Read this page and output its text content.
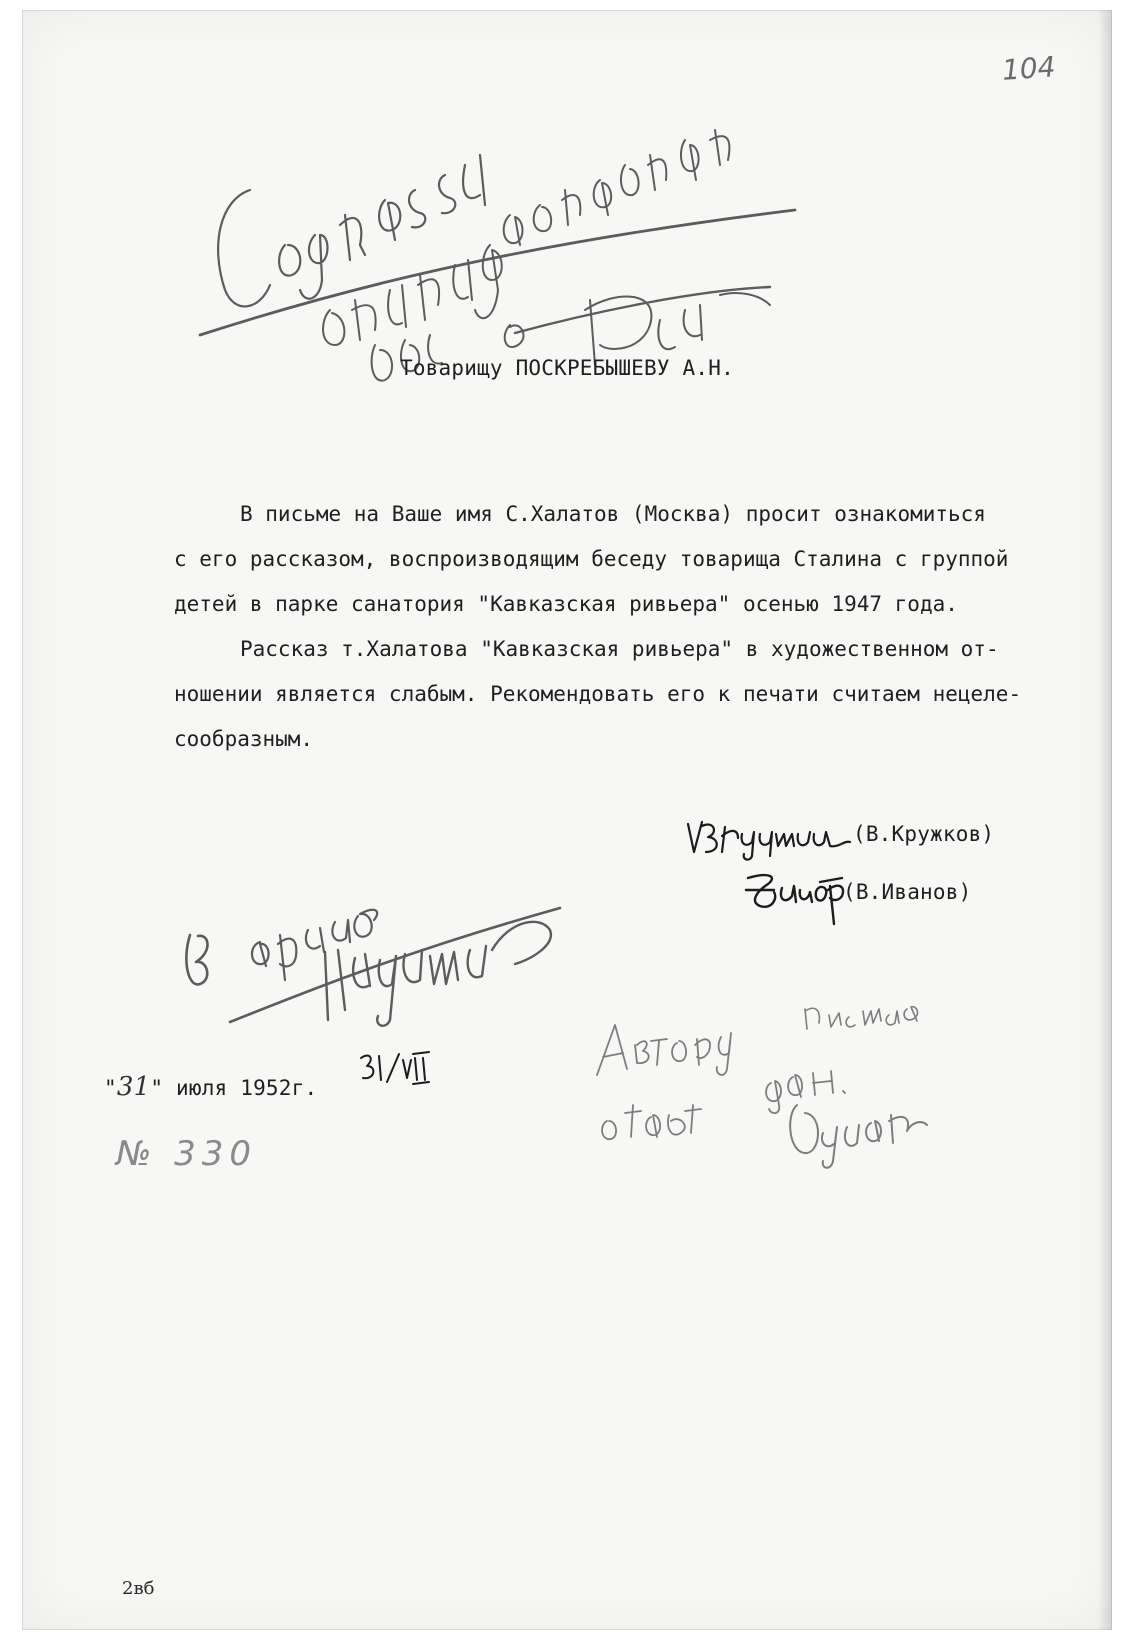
104
Товарищу ПОСКРЕБЫШЕВУ А.Н.
В письме на Ваше имя С.Халатов (Москва) просит ознакомиться
с его рассказом, воспроизводящим беседу товарища Сталина с группой
детей в парке санатория "Кавказская ривьера" осенью 1947 года.
Рассказ т.Халатова "Кавказская ривьера" в художественном от-
ношении является слабым. Рекомендовать его к печати считаем нецеле-
сообразным.
(В.Кружков)
(В.Иванов)
"31" июля 1952г.
№ 330
2вб
